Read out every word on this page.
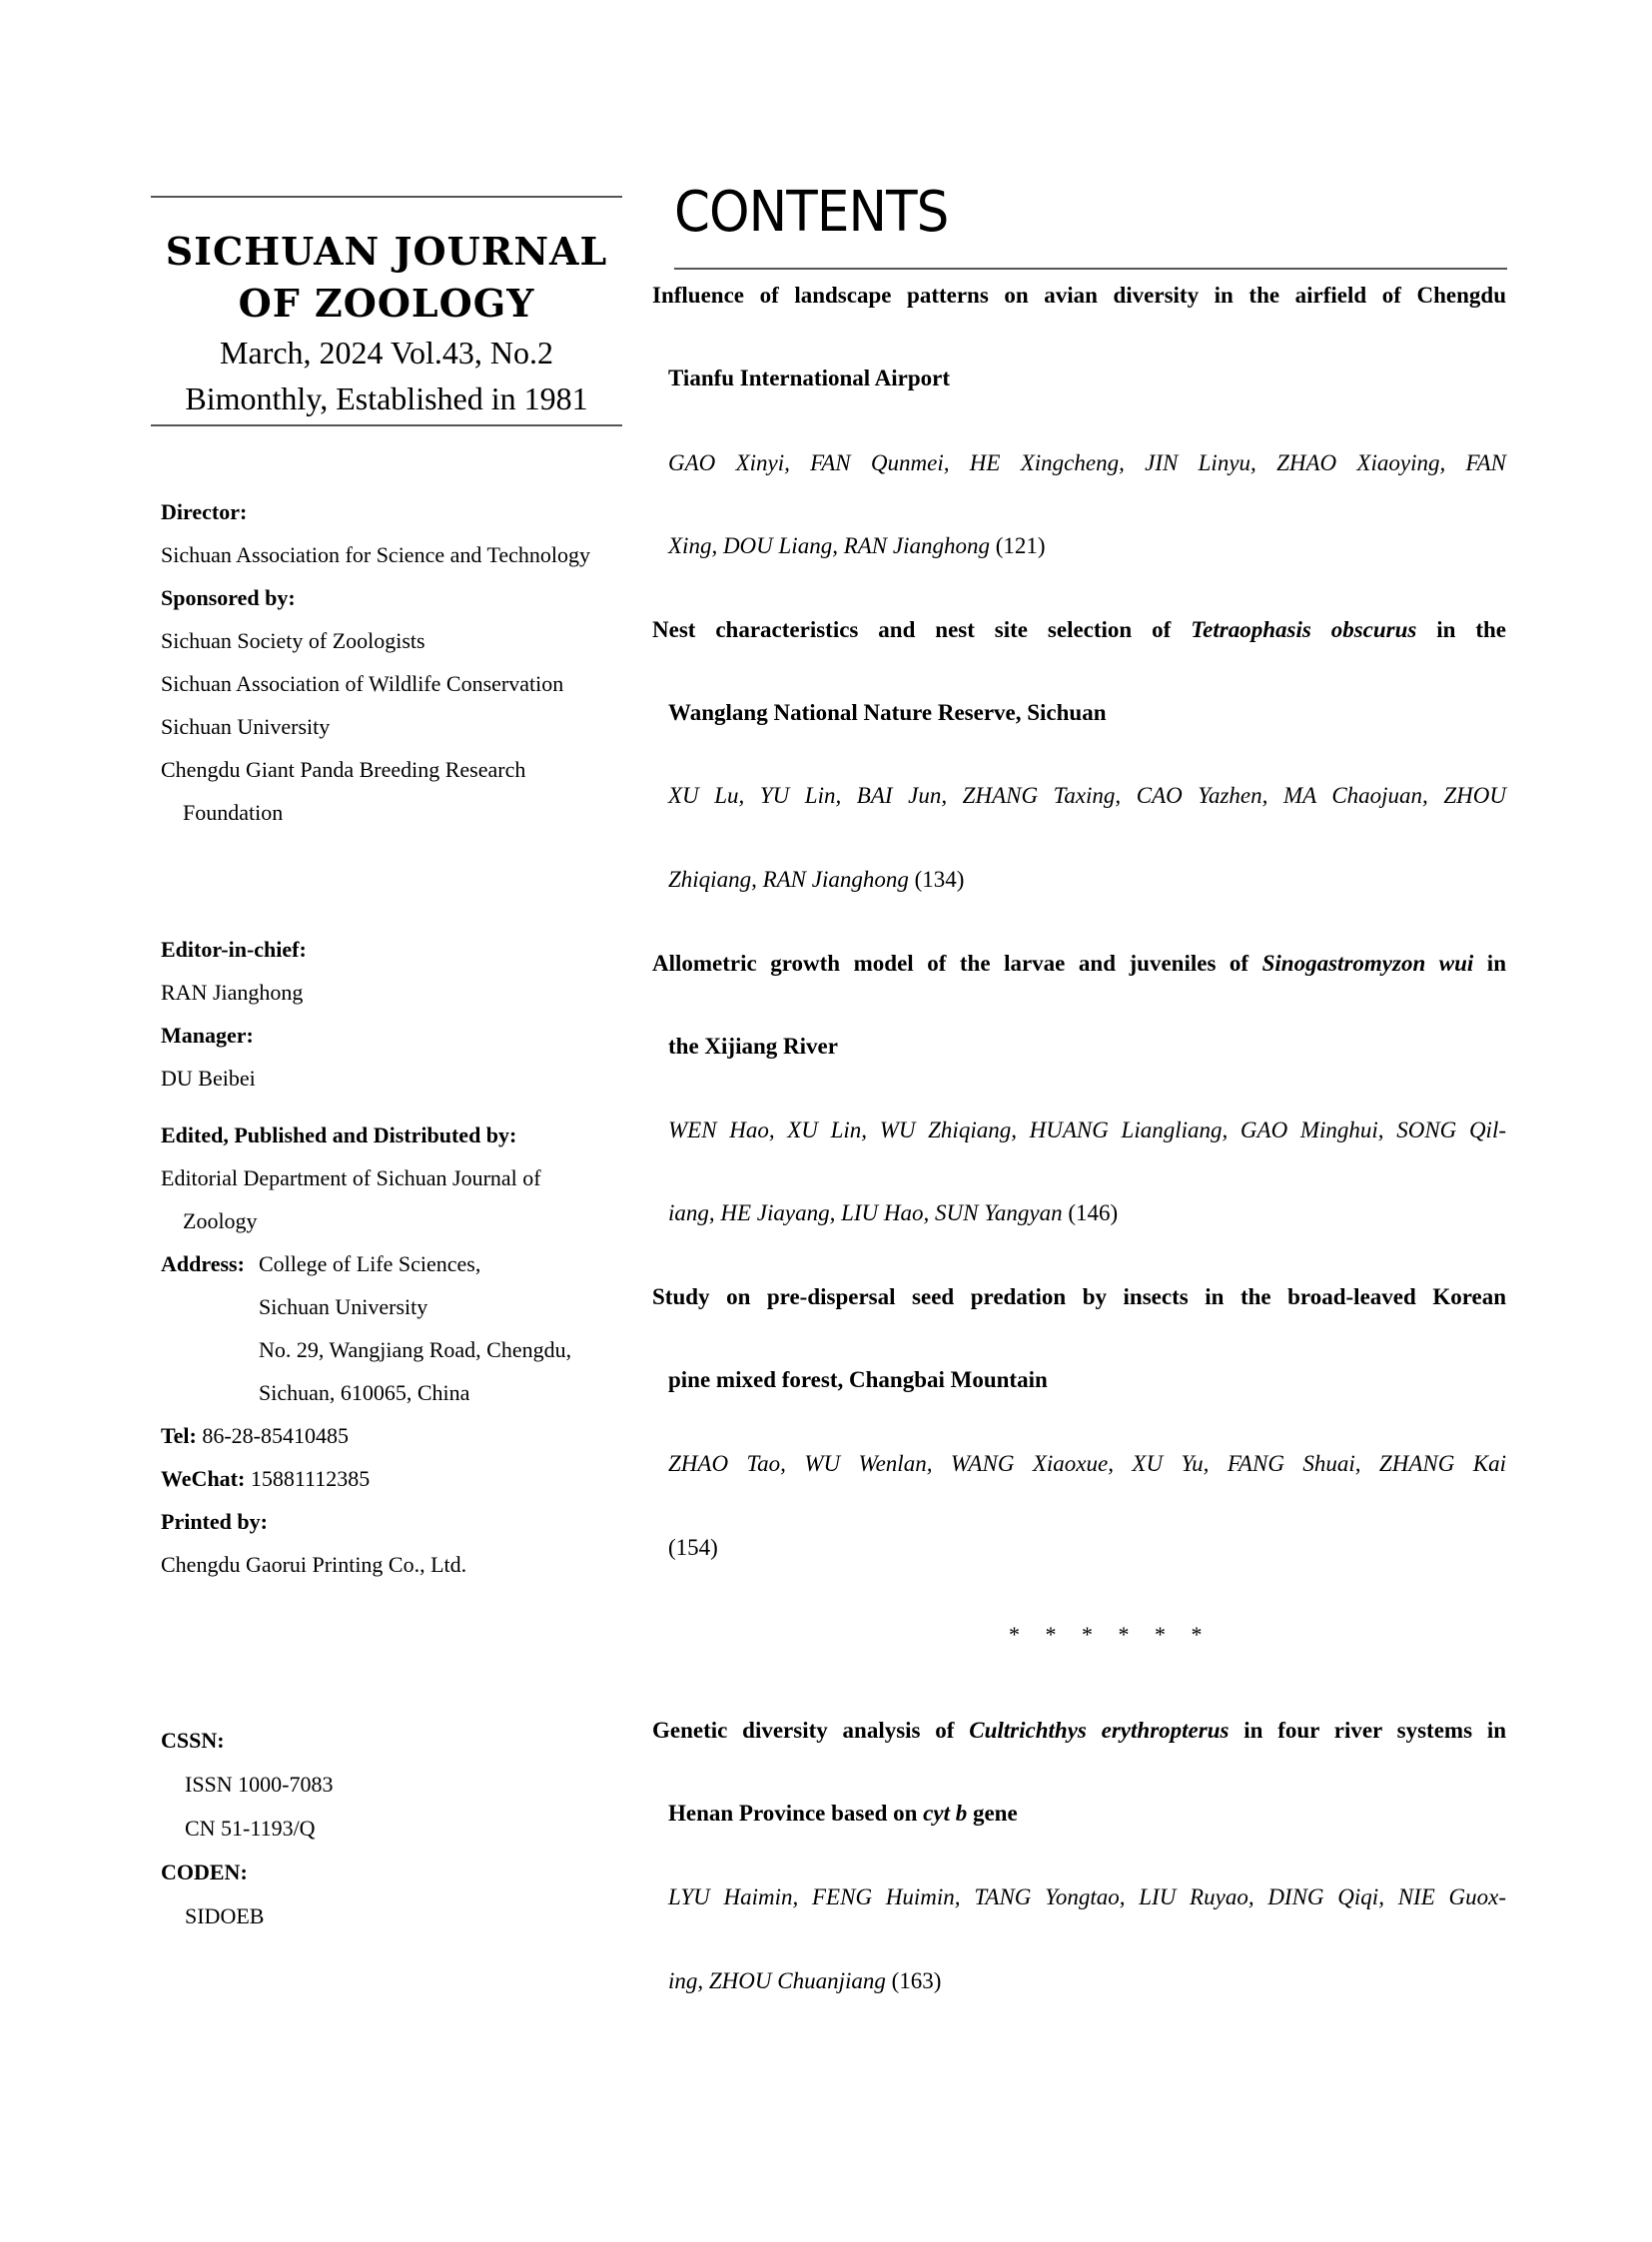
SICHUAN JOURNAL
OF ZOOLOGY
March, 2024 Vol.43, No.2
Bimonthly, Established in 1981
Director:
Sichuan Association for Science and Technology
Sponsored by:
Sichuan Society of Zoologists
Sichuan Association of Wildlife Conservation
Sichuan University
Chengdu Giant Panda Breeding Research
Foundation
Editor-in-chief:
RAN Jianghong
Manager:
DU Beibei
Edited, Published and Distributed by:
Editorial Department of Sichuan Journal of
Zoology
Address: College of Life Sciences,
Sichuan University
No. 29, Wangjiang Road, Chengdu,
Sichuan, 610065, China
Tel: 86-28-85410485
WeChat: 15881112385
Printed by:
Chengdu Gaorui Printing Co., Ltd.
CSSN:
ISSN 1000-7083
CN 51-1193/Q
CODEN:
SIDOEB
CONTENTS
Influence of landscape patterns on avian diversity in the airfield of Chengdu
Tianfu International Airport
GAO Xinyi, FAN Qunmei, HE Xingcheng, JIN Linyu, ZHAO Xiaoying, FAN
Xing, DOU Liang, RAN Jianghong (121)
Nest characteristics and nest site selection of Tetraophasis obscurus in the
Wanglang National Nature Reserve, Sichuan
XU Lu, YU Lin, BAI Jun, ZHANG Taxing, CAO Yazhen, MA Chaojuan, ZHOU
Zhiqiang, RAN Jianghong (134)
Allometric growth model of the larvae and juveniles of Sinogastromyzon wui in
the Xijiang River
WEN Hao, XU Lin, WU Zhiqiang, HUANG Liangliang, GAO Minghui, SONG Qil-
iang, HE Jiayang, LIU Hao, SUN Yangyan (146)
Study on pre-dispersal seed predation by insects in the broad-leaved Korean
pine mixed forest, Changbai Mountain
ZHAO Tao, WU Wenlan, WANG Xiaoxue, XU Yu, FANG Shuai, ZHANG Kai
(154)
* * * * * *
Genetic diversity analysis of Cultrichthys erythropterus in four river systems in
Henan Province based on cyt b gene
LYU Haimin, FENG Huimin, TANG Yongtao, LIU Ruyao, DING Qiqi, NIE Guox-
ing, ZHOU Chuanjiang (163)
